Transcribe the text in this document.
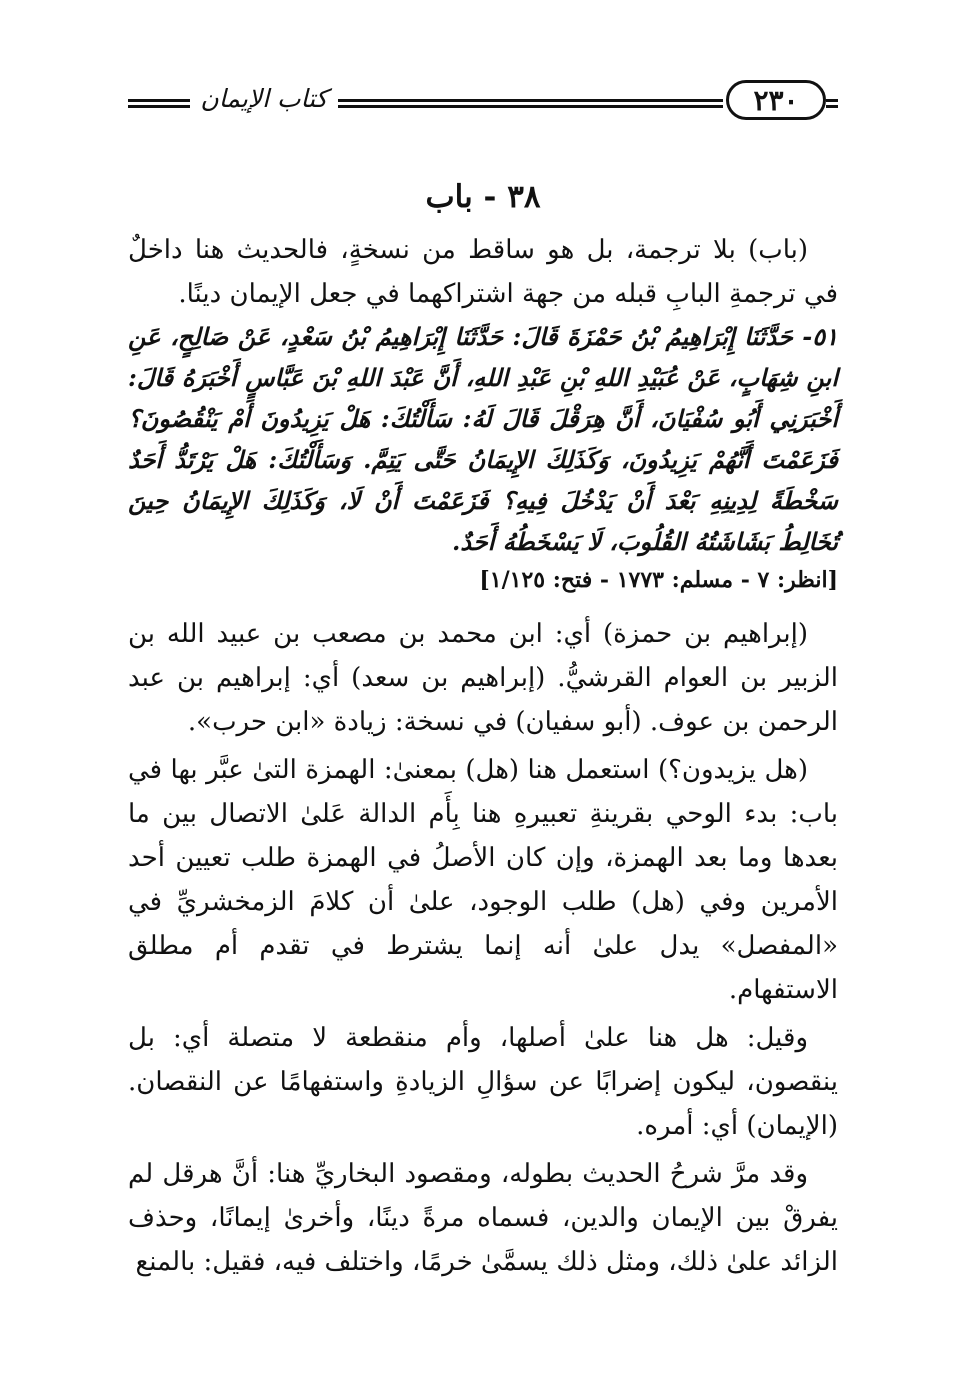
كتاب الإيمان	٢٣٠
٣٨ - باب

(باب) بلا ترجمة، بل هو ساقط من نسخةٍ، فالحديث هنا داخلٌ في ترجمةِ البابِ قبله من جهة اشتراكهما في جعل الإيمان دينًا.

٥١- حَدَّثَنَا إِبْرَاهِيمُ بْنُ حَمْزَةَ قَالَ: حَدَّثَنَا إِبْرَاهِيمُ بْنُ سَعْدٍ، عَنْ صَالِحٍ، عَنِ ابنِ شِهَابٍ، عَنْ عُبَيْدِ اللهِ بْنِ عَبْدِ اللهِ، أَنَّ عَبْدَ اللهِ بْنَ عَبَّاسٍ أَخْبَرَهُ قَالَ: أَخْبَرَنِي أَبُو سُفْيَانَ، أَنَّ هِرَقْلَ قَالَ لَهُ: سَأَلْتُكَ: هَلْ يَزِيدُونَ أَمْ يَنْقُصُونَ؟ فَزَعَمْتَ أَنَّهُمْ يَزِيدُونَ، وَكَذَلِكَ الإِيمَانُ حَتَّى يَتِمَّ. وَسَأَلْتُكَ: هَلْ يَرْتَدُّ أَحَدٌ سَخْطَةً لِدِينِهِ بَعْدَ أَنْ يَدْخُلَ فِيهِ؟ فَزَعَمْتَ أَنْ لَا، وَكَذَلِكَ الإِيمَانُ حِينَ تُخَالِطُ بَشَاشَتُهُ القُلُوبَ، لَا يَسْخَطُهُ أَحَدٌ.

[انظر: ٧ - مسلم: ١٧٧٣ - فتح: ١/١٢٥]

(إبراهيم بن حمزة) أي: ابن محمد بن مصعب بن عبيد الله بن الزبير بن العوام القرشيُّ. (إبراهيم بن سعد) أي: إبراهيم بن عبد الرحمن بن عوف. (أبو سفيان) في نسخة: زيادة «ابن حرب».

(هل يزيدون؟) استعمل هنا (هل) بمعنىٰ: الهمزة التىٰ عبَّر بها في باب: بدء الوحي بقرينةِ تعبيرهِ هنا بِأَم الدالة عَلىٰ الاتصال بين ما بعدها وما بعد الهمزة، وإن كان الأصلُ في الهمزة طلب تعيين أحد الأمرين وفي (هل) طلب الوجود، علىٰ أن كلامَ الزمخشريِّ في «المفصل» يدل علىٰ أنه إنما يشترط في تقدم أم مطلق الاستفهام.

وقيل: هل هنا علىٰ أصلها، وأم منقطعة لا متصلة أي: بل ينقصون، ليكون إضرابًا عن سؤالِ الزيادةِ واستفهامًا عن النقصان. (الإيمان) أي: أمره.

وقد مرَّ شرحُ الحديث بطوله، ومقصود البخاريِّ هنا: أنَّ هرقل لم يفرقْ بين الإيمان والدين، فسماه مرةً دينًا، وأخرىٰ إيمانًا، وحذف الزائد علىٰ ذلك، ومثل ذلك يسمَّىٰ خرمًا، واختلف فيه، فقيل: بالمنع
